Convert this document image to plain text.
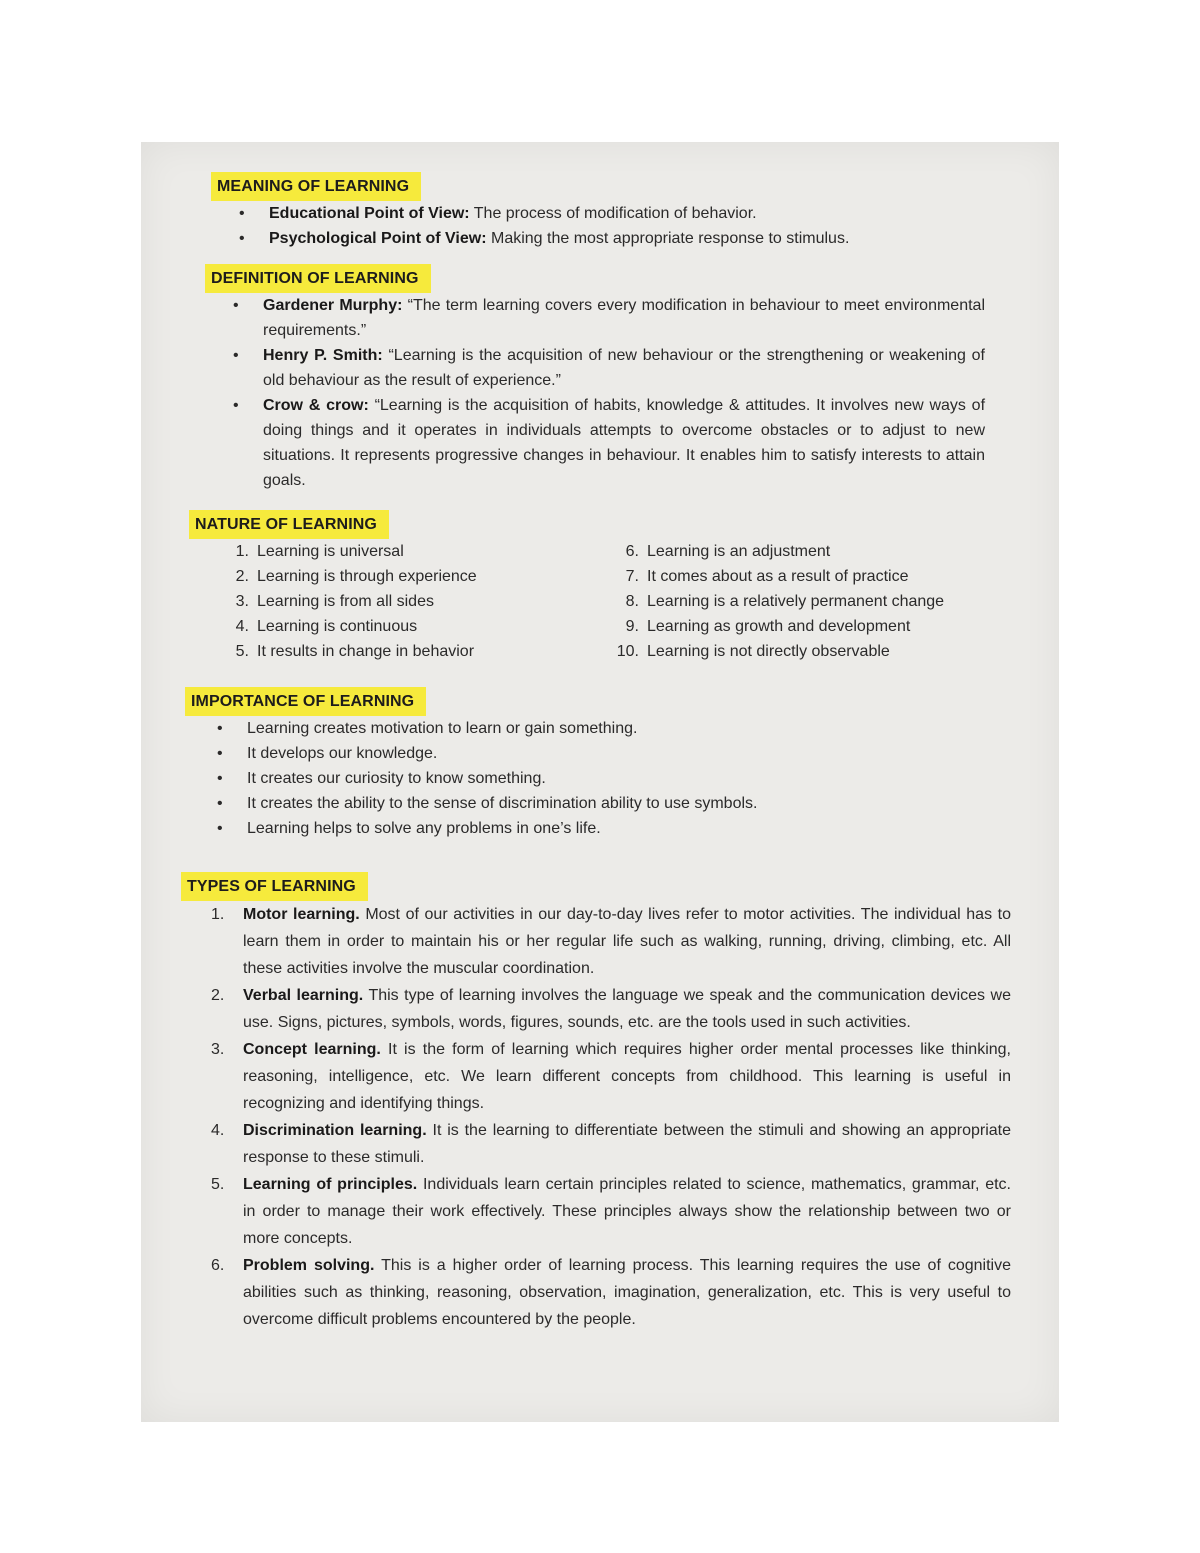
MEANING OF LEARNING
• Educational Point of View: The process of modification of behavior.
• Psychological Point of View: Making the most appropriate response to stimulus.
DEFINITION OF LEARNING
• Gardener Murphy: “The term learning covers every modification in behaviour to meet environmental requirements.”
• Henry P. Smith: “Learning is the acquisition of new behaviour or the strengthening or weakening of old behaviour as the result of experience.”
• Crow & crow: “Learning is the acquisition of habits, knowledge & attitudes. It involves new ways of doing things and it operates in individuals attempts to overcome obstacles or to adjust to new situations. It represents progressive changes in behaviour. It enables him to satisfy interests to attain goals.
NATURE OF LEARNING
1. Learning is universal
2. Learning is through experience
3. Learning is from all sides
4. Learning is continuous
5. It results in change in behavior
6. Learning is an adjustment
7. It comes about as a result of practice
8. Learning is a relatively permanent change
9. Learning as growth and development
10. Learning is not directly observable
IMPORTANCE OF LEARNING
• Learning creates motivation to learn or gain something.
• It develops our knowledge.
• It creates our curiosity to know something.
• It creates the ability to the sense of discrimination ability to use symbols.
• Learning helps to solve any problems in one’s life.
TYPES OF LEARNING
1. Motor learning. Most of our activities in our day-to-day lives refer to motor activities. The individual has to learn them in order to maintain his or her regular life such as walking, running, driving, climbing, etc. All these activities involve the muscular coordination.
2. Verbal learning. This type of learning involves the language we speak and the communication devices we use. Signs, pictures, symbols, words, figures, sounds, etc. are the tools used in such activities.
3. Concept learning. It is the form of learning which requires higher order mental processes like thinking, reasoning, intelligence, etc. We learn different concepts from childhood. This learning is useful in recognizing and identifying things.
4. Discrimination learning. It is the learning to differentiate between the stimuli and showing an appropriate response to these stimuli.
5. Learning of principles. Individuals learn certain principles related to science, mathematics, grammar, etc. in order to manage their work effectively. These principles always show the relationship between two or more concepts.
6. Problem solving. This is a higher order of learning process. This learning requires the use of cognitive abilities such as thinking, reasoning, observation, imagination, generalization, etc. This is very useful to overcome difficult problems encountered by the people.
